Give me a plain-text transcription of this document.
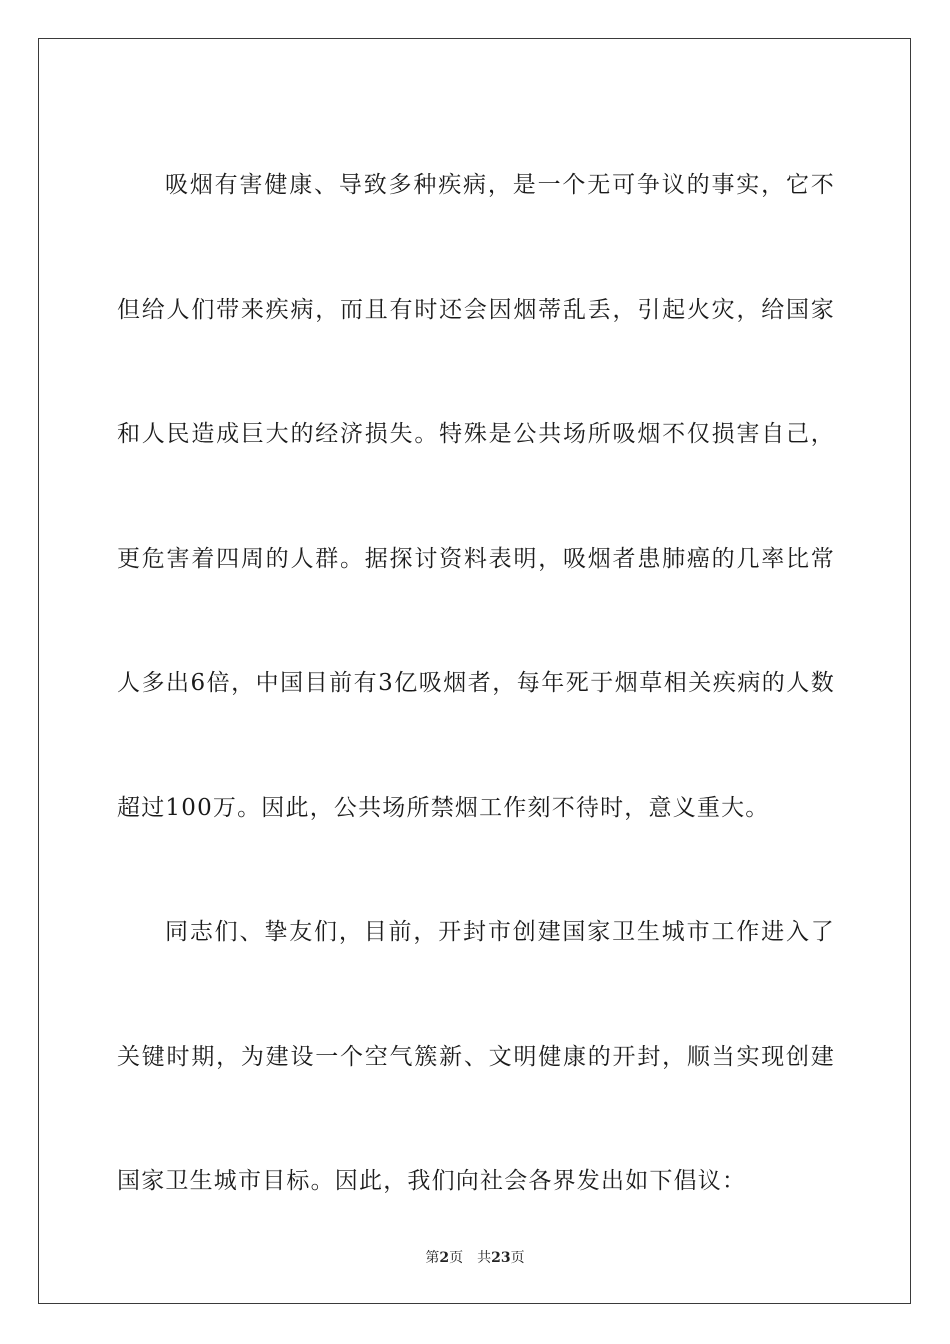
吸烟有害健康、导致多种疾病，是一个无可争议的事实，它不但给人们带来疾病，而且有时还会因烟蒂乱丢，引起火灾，给国家和人民造成巨大的经济损失。特殊是公共场所吸烟不仅损害自己，更危害着四周的人群。据探讨资料表明，吸烟者患肺癌的几率比常人多出6倍，中国目前有3亿吸烟者，每年死于烟草相关疾病的人数超过100万。因此，公共场所禁烟工作刻不待时，意义重大。

同志们、挚友们，目前，开封市创建国家卫生城市工作进入了关键时期，为建设一个空气簇新、文明健康的开封，顺当实现创建国家卫生城市目标。因此，我们向社会各界发出如下倡议：

第2页 共23页
